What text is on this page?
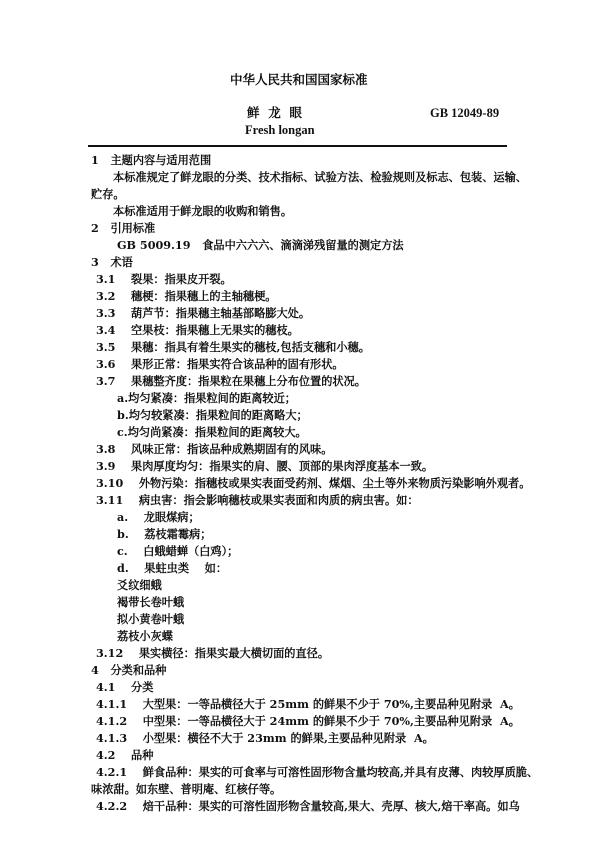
中华人民共和国国家标准
鲜  龙  眼	GB 12049-89
Fresh longan
1   主题内容与适用范围
本标准规定了鲜龙眼的分类、技术指标、试验方法、检验规则及标志、包装、运输、
贮存。
本标准适用于鲜龙眼的收购和销售。
2   引用标准
GB 5009.19   食品中六六六、滴滴涕残留量的测定方法
3   术语
3.1    裂果：指果皮开裂。
3.2    穗梗：指果穗上的主轴穗梗。
3.3    葫芦节：指果穗主轴基部略膨大处。
3.4    空果枝：指果穗上无果实的穗枝。
3.5    果穗：指具有着生果实的穗枝,包括支穗和小穗。
3.6    果形正常：指果实符合该品种的固有形状。
3.7    果穗整齐度：指果粒在果穗上分布位置的状况。
a.均匀紧凑：指果粒间的距离较近；
b.均匀较紧凑：指果粒间的距离略大；
c.均匀尚紧凑：指果粒间的距离较大。
3.8    风味正常：指该品种成熟期固有的风味。
3.9    果肉厚度均匀：指果实的肩、腰、顶部的果肉浮度基本一致。
3.10    外物污染：指穗枝或果实表面受药剂、煤烟、尘土等外来物质污染影响外观者。
3.11    病虫害：指会影响穗枝或果实表面和肉质的病虫害。如：
a.    龙眼煤病；
b.    荔枝霜霉病；
c.    白蛾蜡蝉（白鸡）；
d.    果蛀虫类    如：
爻纹细蛾
褐带长卷叶蛾
拟小黄卷叶蛾
荔枝小灰蝶
3.12    果实横径：指果实最大横切面的直径。
4   分类和品种
4.1    分类
4.1.1    大型果：一等品横径大于 25mm 的鲜果不少于 70%,主要品种见附录  A。
4.1.2    中型果：一等品横径大于 24mm 的鲜果不少于 70%,主要品种见附录  A。
4.1.3    小型果：横径不大于 23mm 的鲜果,主要品种见附录  A。
4.2    品种
4.2.1    鲜食品种：果实的可食率与可溶性固形物含量均较高,并具有皮薄、肉较厚质脆、
味浓甜。如东壁、普明庵、红核仔等。
4.2.2    焙干品种：果实的可溶性固形物含量较高,果大、壳厚、核大,焙干率高。如乌
